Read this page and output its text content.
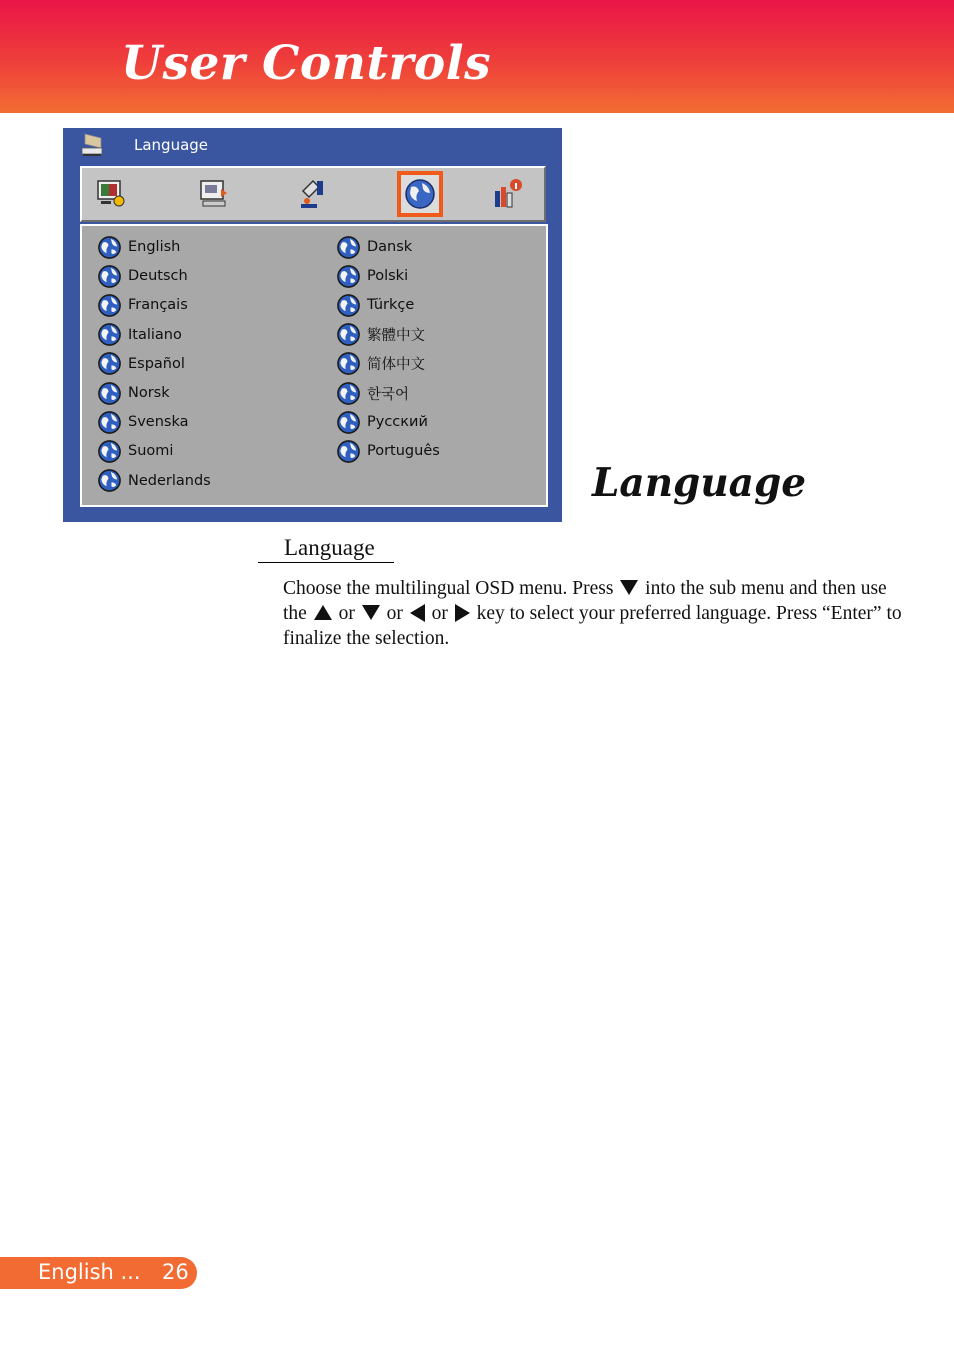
User Controls
Language
English
Deutsch
Français
Italiano
Español
Norsk
Svenska
Suomi
Nederlands
Dansk
Polski
Türkçe
繁體中文
简体中文
한국어
Русский
Português
Language
Language
Choose the multilingual OSD menu. Press into the sub menu and then use the or or or key to select your preferred language. Press “Enter” to finalize the selection.
English ... 26
